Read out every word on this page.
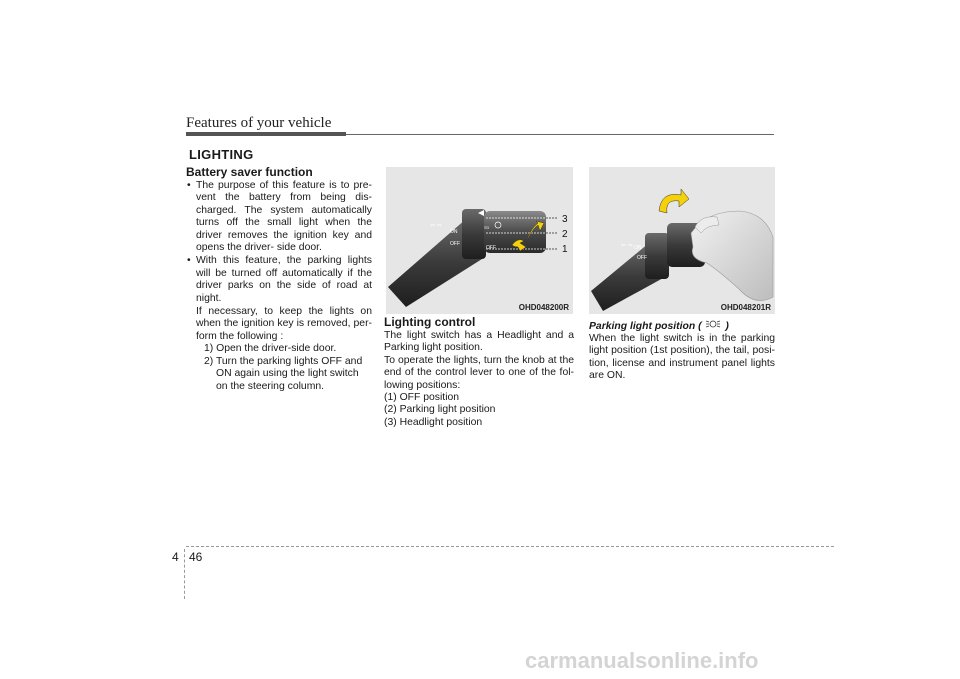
Features of your vehicle
LIGHTING
Battery saver function

• The purpose of this feature is to pre-vent the battery from being dis-charged. The system automatically turns off the small light when the driver removes the ignition key and opens the driver- side door.

• With this feature, the parking lights will be turned off automatically if the driver parks on the side of road at night.

If necessary, to keep the lights on when the ignition key is removed, per-form the following :

1) Open the driver-side door.

2) Turn the parking lights OFF and ON again using the light switch on the steering column.

ON
OFF
OFF
3
2
1
≡D
⇦ ⇨
OHD048200R
ON
OFF
⇦ ⇨
OHD048201R
Lighting control

The light switch has a Headlight and a Parking light position.

To operate the lights, turn the knob at the end of the control lever to one of the fol-lowing positions:

(1) OFF position

(2) Parking light position

(3) Headlight position

Parking light position ( )

When the light switch is in the parking light position (1st position), the tail, posi-tion, license and instrument panel lights are ON.

4 46
carmanualsonline.info
